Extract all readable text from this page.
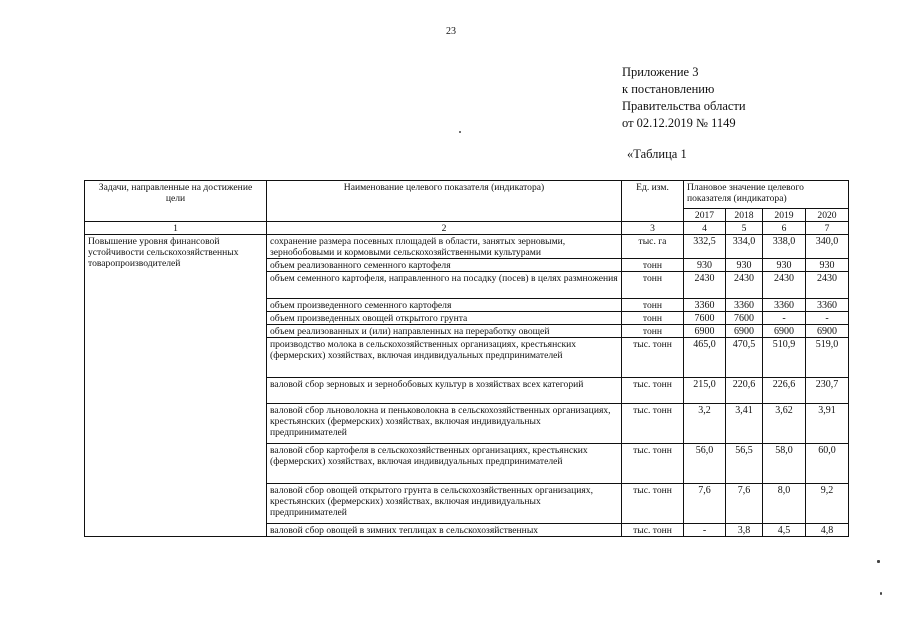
23
Приложение 3
к постановлению
Правительства области
от 02.12.2019 № 1149
«Таблица 1
Задачи, направленные на достижение цели	Наименование целевого показателя (индикатора)	Ед. изм.	Плановое значение целевого показателя (индикатора)			
			2017	2018	2019	2020
1	2	3	4	5	6	7
Повышение уровня финансовой устойчивости сельскохозяйственных товаропроизводителей	сохранение размера посевных площадей в области, занятых зерновыми, зернобобовыми и кормовыми сельскохозяйственными культурами	тыс. га	332,5	334,0	338,0	340,0
	объем реализованного семенного картофеля	тонн	930	930	930	930
	объем семенного картофеля, направленного на посадку (посев) в целях размножения	тонн	2430	2430	2430	2430
	объем произведенного семенного картофеля	тонн	3360	3360	3360	3360
	объем произведенных овощей открытого грунта	тонн	7600	7600	-	-
	объем реализованных и (или) направленных на переработку овощей	тонн	6900	6900	6900	6900
	производство молока в сельскохозяйственных организациях, крестьянских (фермерских) хозяйствах, включая индивидуальных предпринимателей	тыс. тонн	465,0	470,5	510,9	519,0
	валовой сбор зерновых и зернобобовых культур в хозяйствах всех категорий	тыс. тонн	215,0	220,6	226,6	230,7
	валовой сбор льноволокна и пеньковолокна в сельскохозяйственных организациях, крестьянских (фермерских) хозяйствах, включая индивидуальных предпринимателей	тыс. тонн	3,2	3,41	3,62	3,91
	валовой сбор картофеля в сельскохозяйственных организациях, крестьянских (фермерских) хозяйствах, включая индивидуальных предпринимателей	тыс. тонн	56,0	56,5	58,0	60,0
	валовой сбор овощей открытого грунта в сельскохозяйственных организациях, крестьянских (фермерских) хозяйствах, включая индивидуальных предпринимателей	тыс. тонн	7,6	7,6	8,0	9,2
	валовой сбор овощей в зимних теплицах в сельскохозяйственных	тыс. тонн	-	3,8	4,5	4,8
